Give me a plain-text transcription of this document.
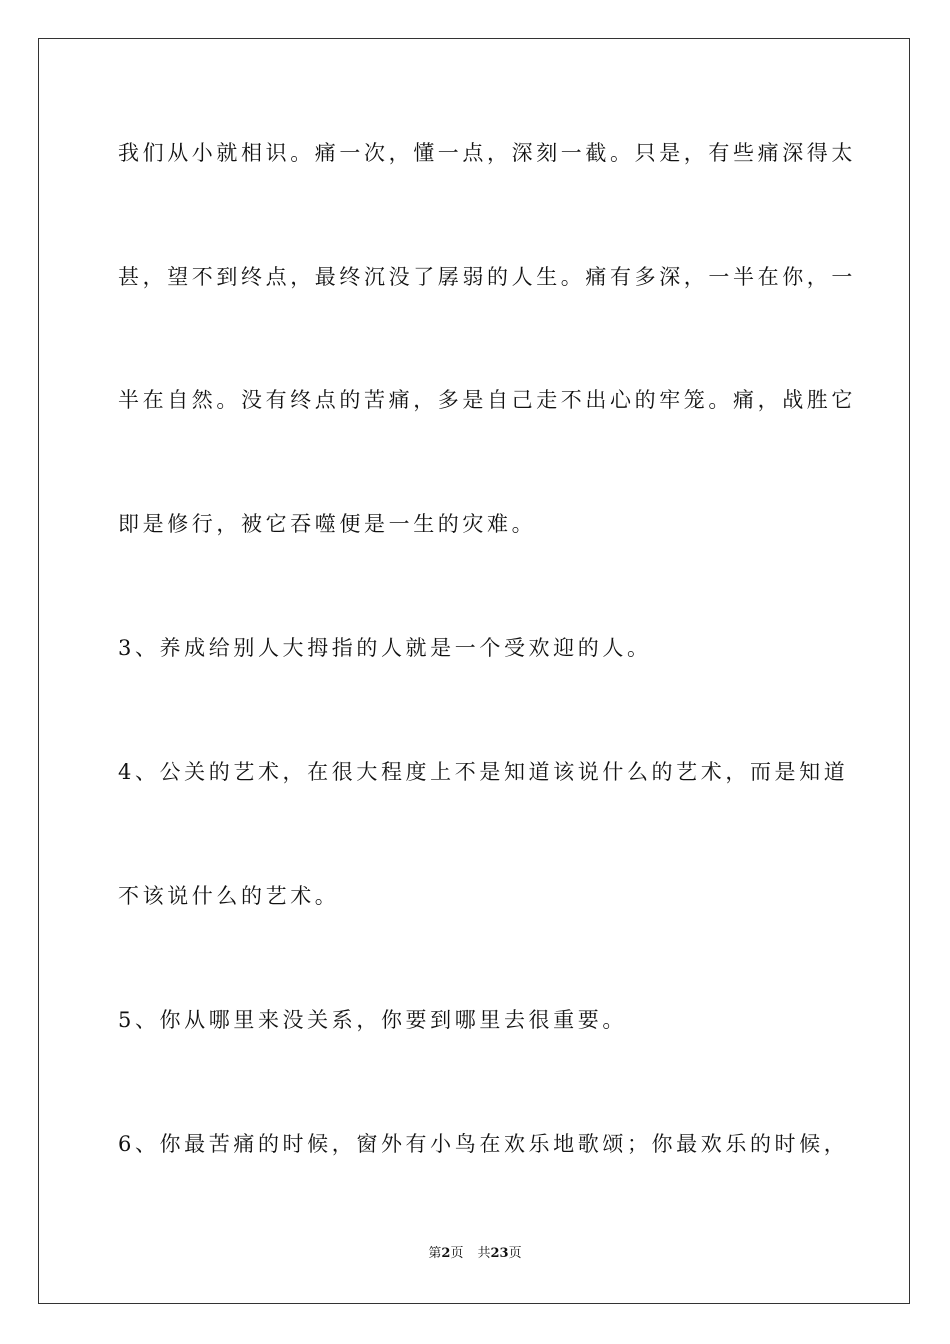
我们从小就相识。痛一次，懂一点，深刻一截。只是，有些痛深得太
甚，望不到终点，最终沉没了孱弱的人生。痛有多深，一半在你，一
半在自然。没有终点的苦痛，多是自己走不出心的牢笼。痛，战胜它
即是修行，被它吞噬便是一生的灾难。
3、养成给别人大拇指的人就是一个受欢迎的人。
4、公关的艺术，在很大程度上不是知道该说什么的艺术，而是知道
不该说什么的艺术。
5、你从哪里来没关系，你要到哪里去很重要。
6、你最苦痛的时候，窗外有小鸟在欢乐地歌颂；你最欢乐的时候，
第2页 共23页
